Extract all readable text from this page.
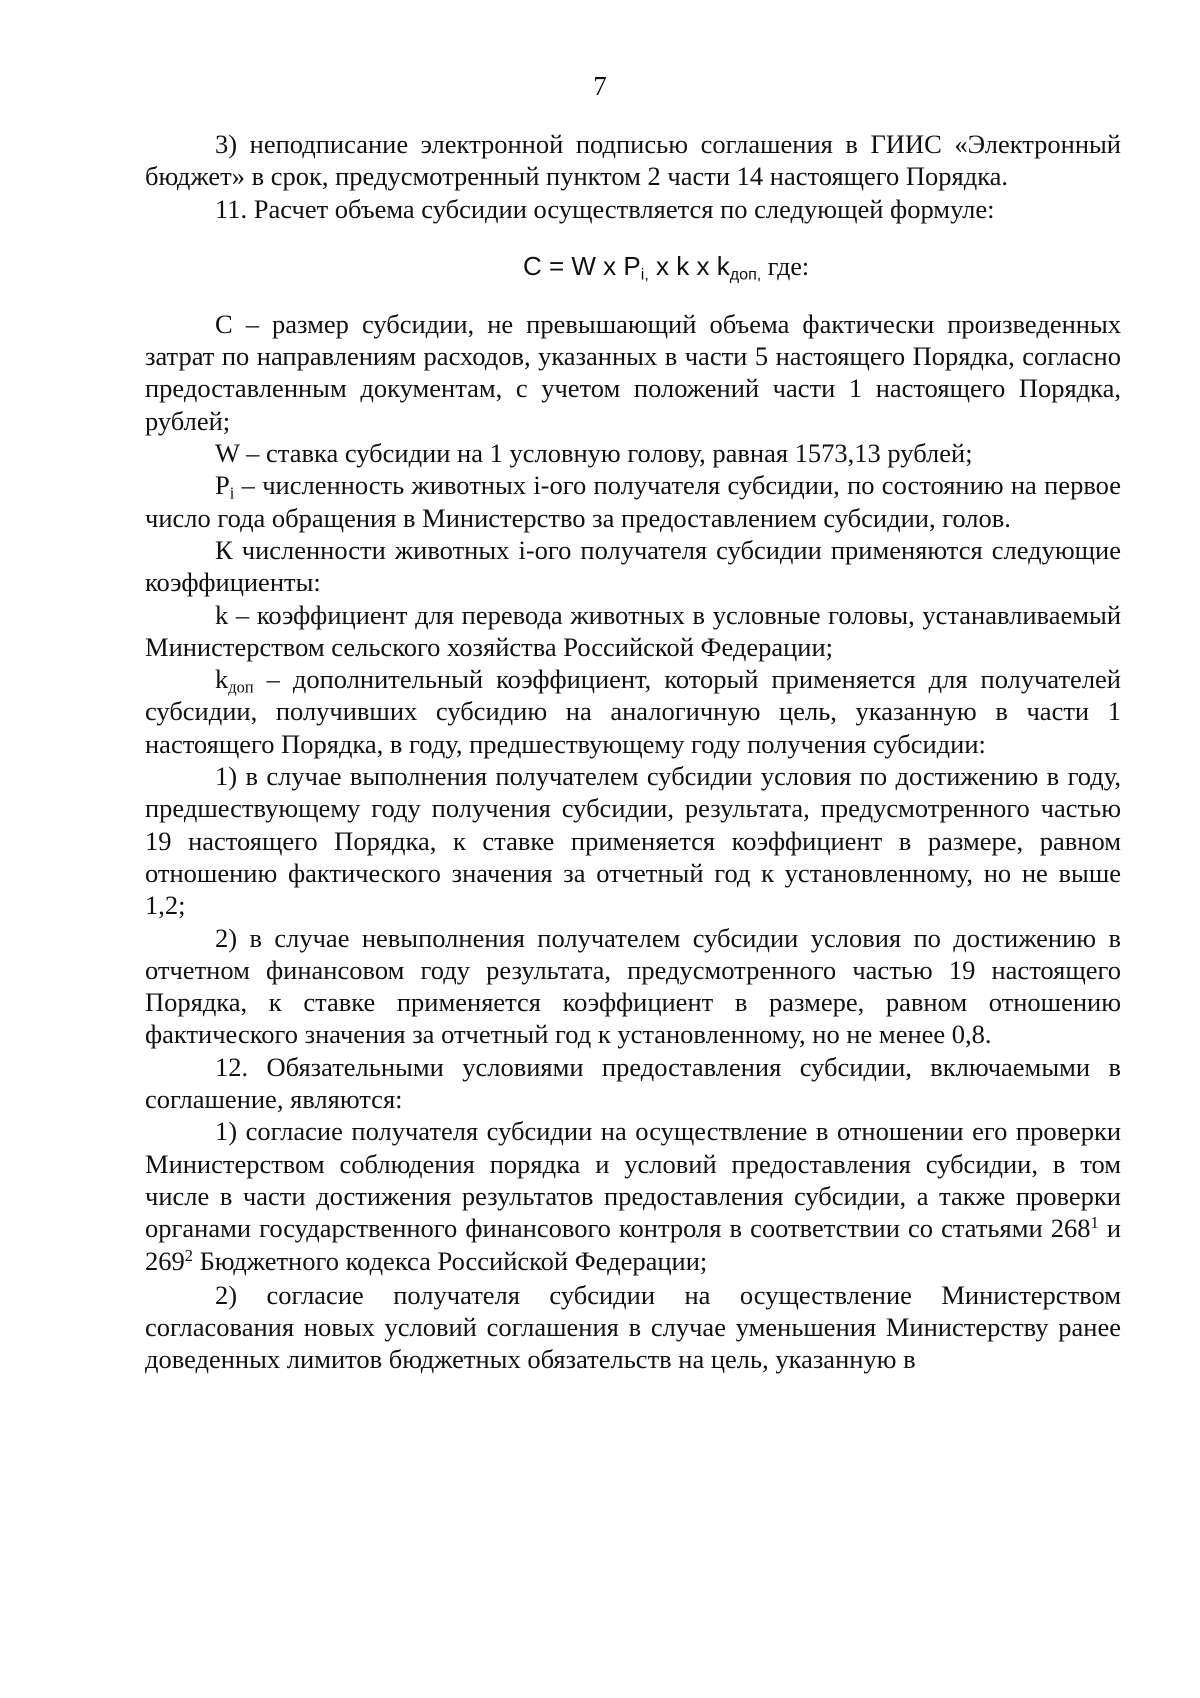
7

3) неподписание электронной подписью соглашения в ГИИС «Электронный бюджет» в срок, предусмотренный пунктом 2 части 14 настоящего Порядка.

11. Расчет объема субсидии осуществляется по следующей формуле:

C = W x $P_{i,}$ x k x $k_{доп,}$ где:

C – размер субсидии, не превышающий объема фактически произведенных затрат по направлениям расходов, указанных в части 5 настоящего Порядка, согласно предоставленным документам, с учетом положений части 1 настоящего Порядка, рублей;

W – ставка субсидии на 1 условную голову, равная 1573,13 рублей;

$P_i$ – численность животных i-ого получателя субсидии, по состоянию на первое число года обращения в Министерство за предоставлением субсидии, голов.

К численности животных i-ого получателя субсидии применяются следующие коэффициенты:

k – коэффициент для перевода животных в условные головы, устанавливаемый Министерством сельского хозяйства Российской Федерации;

$k_{доп}$ – дополнительный коэффициент, который применяется для получателей субсидии, получивших субсидию на аналогичную цель, указанную в части 1 настоящего Порядка, в году, предшествующему году получения субсидии:

1) в случае выполнения получателем субсидии условия по достижению в году, предшествующему году получения субсидии, результата, предусмотренного частью 19 настоящего Порядка, к ставке применяется коэффициент в размере, равном отношению фактического значения за отчетный год к установленному, но не выше 1,2;

2) в случае невыполнения получателем субсидии условия по достижению в отчетном финансовом году результата, предусмотренного частью 19 настоящего Порядка, к ставке применяется коэффициент в размере, равном отношению фактического значения за отчетный год к установленному, но не менее 0,8.

12. Обязательными условиями предоставления субсидии, включаемыми в соглашение, являются:

1) согласие получателя субсидии на осуществление в отношении его проверки Министерством соблюдения порядка и условий предоставления субсидии, в том числе в части достижения результатов предоставления субсидии, а также проверки органами государственного финансового контроля в соответствии со статьями $268^1$ и $269^2$ Бюджетного кодекса Российской Федерации;

2) согласие получателя субсидии на осуществление Министерством согласования новых условий соглашения в случае уменьшения Министерству ранее доведенных лимитов бюджетных обязательств на цель, указанную в
